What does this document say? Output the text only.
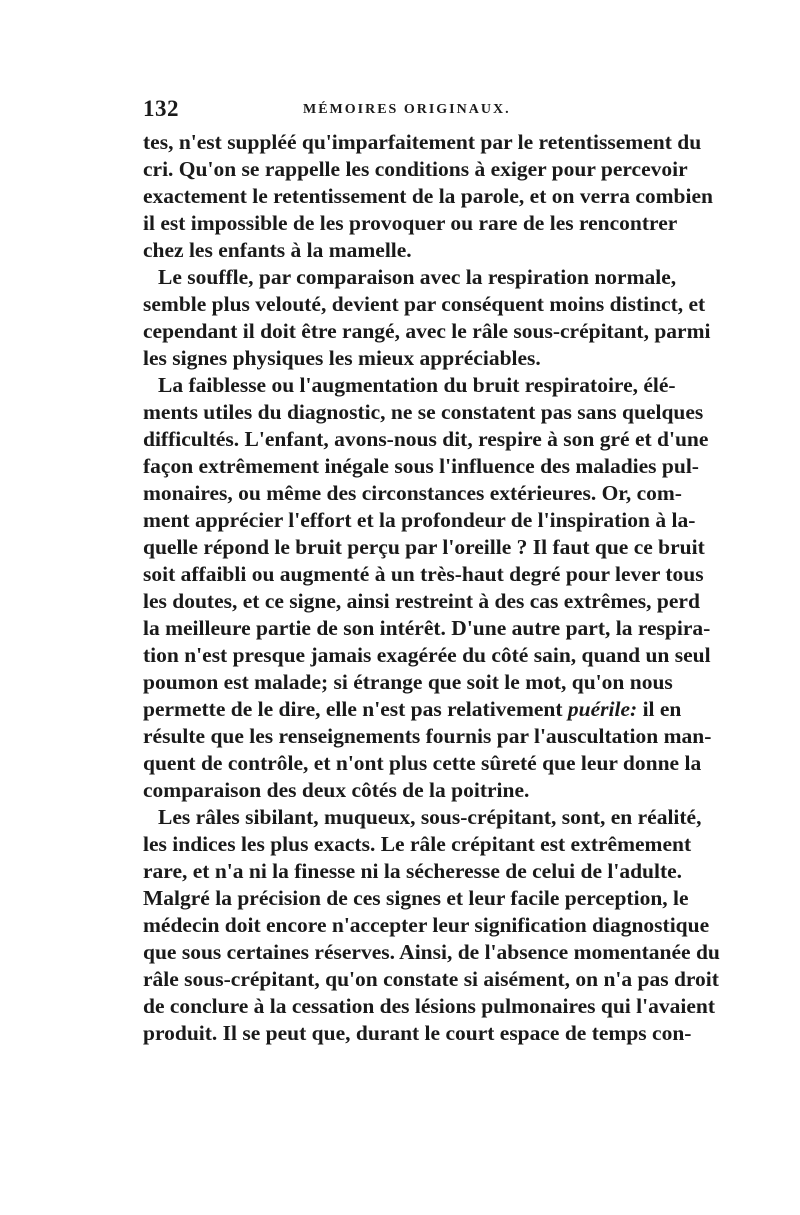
132	MÉMOIRES ORIGINAUX.
tes, n'est suppléé qu'imparfaitement par le retentissement du
cri. Qu'on se rappelle les conditions à exiger pour percevoir
exactement le retentissement de la parole, et on verra combien
il est impossible de les provoquer ou rare de les rencontrer
chez les enfants à la mamelle.
Le souffle, par comparaison avec la respiration normale,
semble plus velouté, devient par conséquent moins distinct, et
cependant il doit être rangé, avec le râle sous-crépitant, parmi
les signes physiques les mieux appréciables.
La faiblesse ou l'augmentation du bruit respiratoire, élé-
ments utiles du diagnostic, ne se constatent pas sans quelques
difficultés. L'enfant, avons-nous dit, respire à son gré et d'une
façon extrêmement inégale sous l'influence des maladies pul-
monaires, ou même des circonstances extérieures. Or, com-
ment apprécier l'effort et la profondeur de l'inspiration à la-
quelle répond le bruit perçu par l'oreille ? Il faut que ce bruit
soit affaibli ou augmenté à un très-haut degré pour lever tous
les doutes, et ce signe, ainsi restreint à des cas extrêmes, perd
la meilleure partie de son intérêt. D'une autre part, la respira-
tion n'est presque jamais exagérée du côté sain, quand un seul
poumon est malade; si étrange que soit le mot, qu'on nous
permette de le dire, elle n'est pas relativement puérile: il en
résulte que les renseignements fournis par l'auscultation man-
quent de contrôle, et n'ont plus cette sûreté que leur donne la
comparaison des deux côtés de la poitrine.
Les râles sibilant, muqueux, sous-crépitant, sont, en réalité,
les indices les plus exacts. Le râle crépitant est extrêmement
rare, et n'a ni la finesse ni la sécheresse de celui de l'adulte.
Malgré la précision de ces signes et leur facile perception, le
médecin doit encore n'accepter leur signification diagnostique
que sous certaines réserves. Ainsi, de l'absence momentanée du
râle sous-crépitant, qu'on constate si aisément, on n'a pas droit
de conclure à la cessation des lésions pulmonaires qui l'avaient
produit. Il se peut que, durant le court espace de temps con-
